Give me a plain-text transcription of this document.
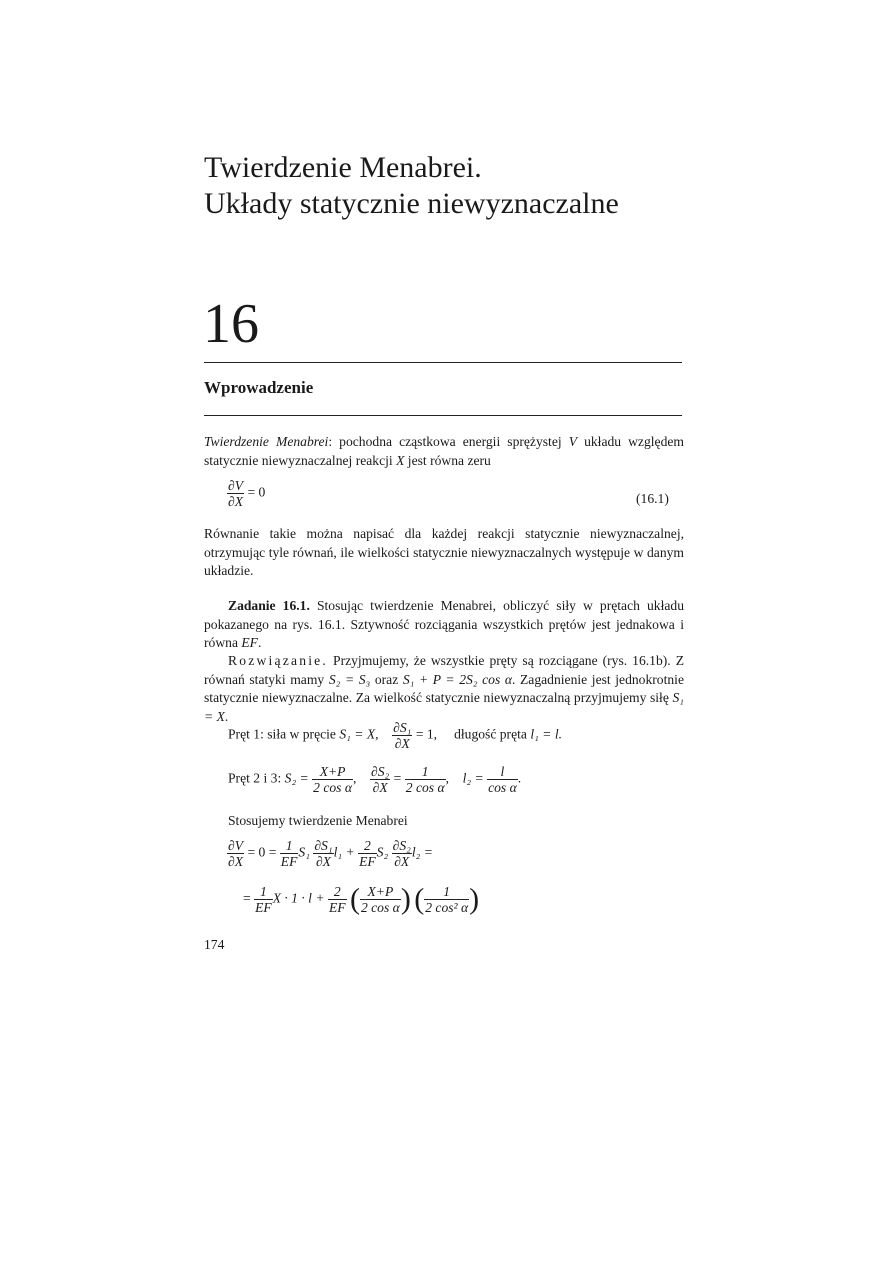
Twierdzenie Menabrei.
Układy statycznie niewyznaczalne
16
Wprowadzenie
Twierdzenie Menabrei: pochodna cząstkowa energii sprężystej V układu względem statycznie niewyznaczalnej reakcji X jest równa zeru
$\frac{\partial V}{\partial X} = 0$	(16.1)
Równanie takie można napisać dla każdej reakcji statycznie niewyznaczalnej, otrzymując tyle równań, ile wielkości statycznie niewyznaczalnych występuje w danym układzie.
Zadanie 16.1. Stosując twierdzenie Menabrei, obliczyć siły w prętach układu pokazanego na rys. 16.1. Sztywność rozciągania wszystkich prętów jest jednakowa i równa EF.
Rozwiązanie. Przyjmujemy, że wszystkie pręty są rozciągane (rys. 16.1b). Z równań statyki mamy S₂ = S₃ oraz S₁ + P = 2S₂ cos α. Zagadnienie jest jednokrotnie statycznie niewyznaczalne. Za wielkość statycznie niewyznaczalną przyjmujemy siłę S₁ = X.
Pręt 1: siła w pręcie S₁ = X, $\frac{\text{∂S₁}}{\partial X} = 1$, długość pręta l₁ = l.
Pręt 2 i 3: $S_2 = \frac{X+P}{\text{2 cos α}}$ , $\frac{\text{∂S₂}}{\partial X} = \frac{1}{\text{2 cos α}}$ , $l_2 = \frac{l}{\text{cos α}}$ .
Stosujemy twierdzenie Menabrei
$\frac{\partial V}{\partial X} = 0 = \frac{1}{EF} S_1 \frac{\text{∂S₁}}{\partial X} l_1 + \frac{2}{EF} S_2 \frac{\text{∂S₂}}{\partial X} l_2$ =
= $\frac{1}{EF}$ $X \cdot 1 \cdot l + \frac{2}{EF}$ ( $\frac{X+P}{\text{2 cos α}}$ ) ( $\frac{1}{\text{2 cos² α}}$ )
174
